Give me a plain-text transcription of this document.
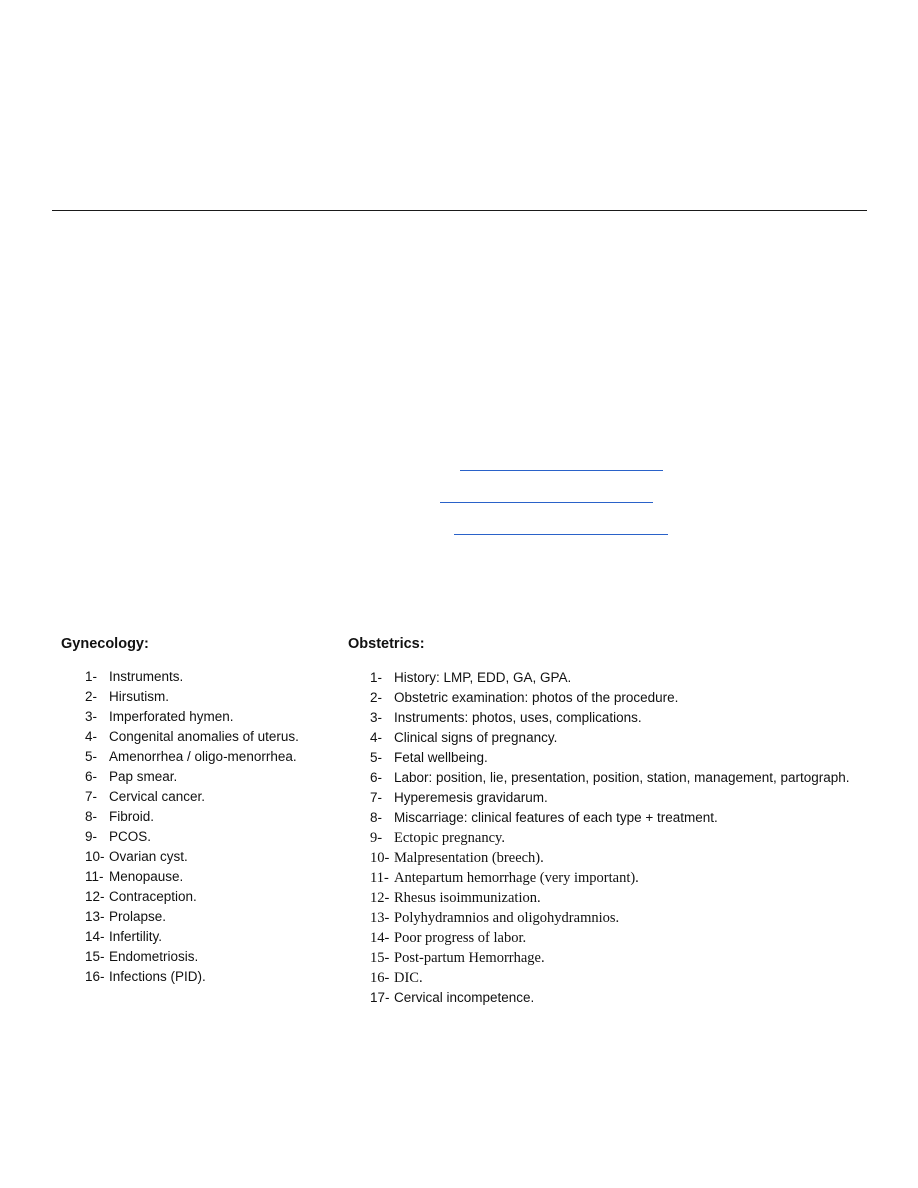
Gynecology:
1- Instruments.
2- Hirsutism.
3- Imperforated hymen.
4- Congenital anomalies of uterus.
5- Amenorrhea / oligo-menorrhea.
6- Pap smear.
7- Cervical cancer.
8- Fibroid.
9- PCOS.
10- Ovarian cyst.
11- Menopause.
12- Contraception.
13- Prolapse.
14- Infertility.
15- Endometriosis.
16- Infections (PID).
Obstetrics:
1- History: LMP, EDD, GA, GPA.
2- Obstetric examination: photos of the procedure.
3- Instruments: photos, uses, complications.
4- Clinical signs of pregnancy.
5- Fetal wellbeing.
6- Labor: position, lie, presentation, position, station, management, partograph.
7- Hyperemesis gravidarum.
8- Miscarriage: clinical features of each type + treatment.
9- Ectopic pregnancy.
10- Malpresentation (breech).
11- Antepartum hemorrhage (very important).
12- Rhesus isoimmunization.
13- Polyhydramnios and oligohydramnios.
14- Poor progress of labor.
15- Post-partum Hemorrhage.
16- DIC.
17- Cervical incompetence.
